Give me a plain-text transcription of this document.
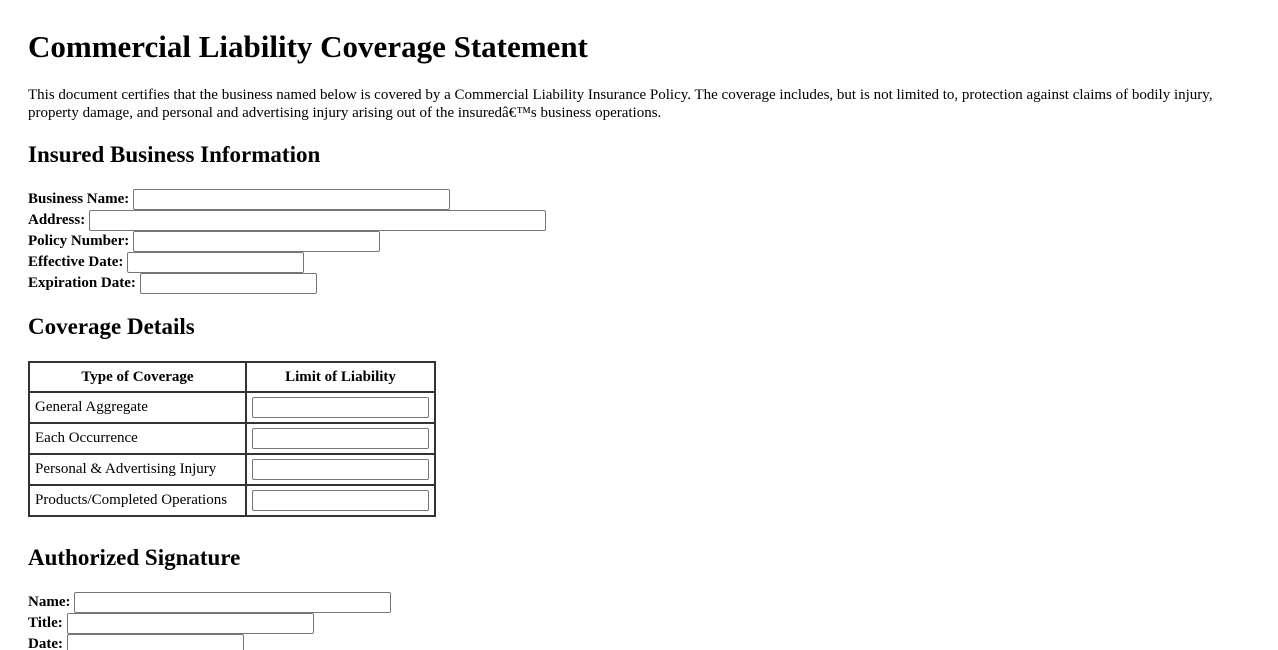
Commercial Liability Coverage Statement

This document certifies that the business named below is covered by a Commercial Liability Insurance Policy. The coverage includes, but is not limited to, protection against claims of bodily injury, property damage, and personal and advertising injury arising out of the insuredâ€™s business operations.

Insured Business Information
Business Name:
Address:
Policy Number:
Effective Date:
Expiration Date:
Coverage Details
Type of Coverage	Limit of Liability
General Aggregate	

Each Occurrence	

Personal & Advertising Injury	

Products/Completed Operations	
Authorized Signature
Name:
Title:
Date:
